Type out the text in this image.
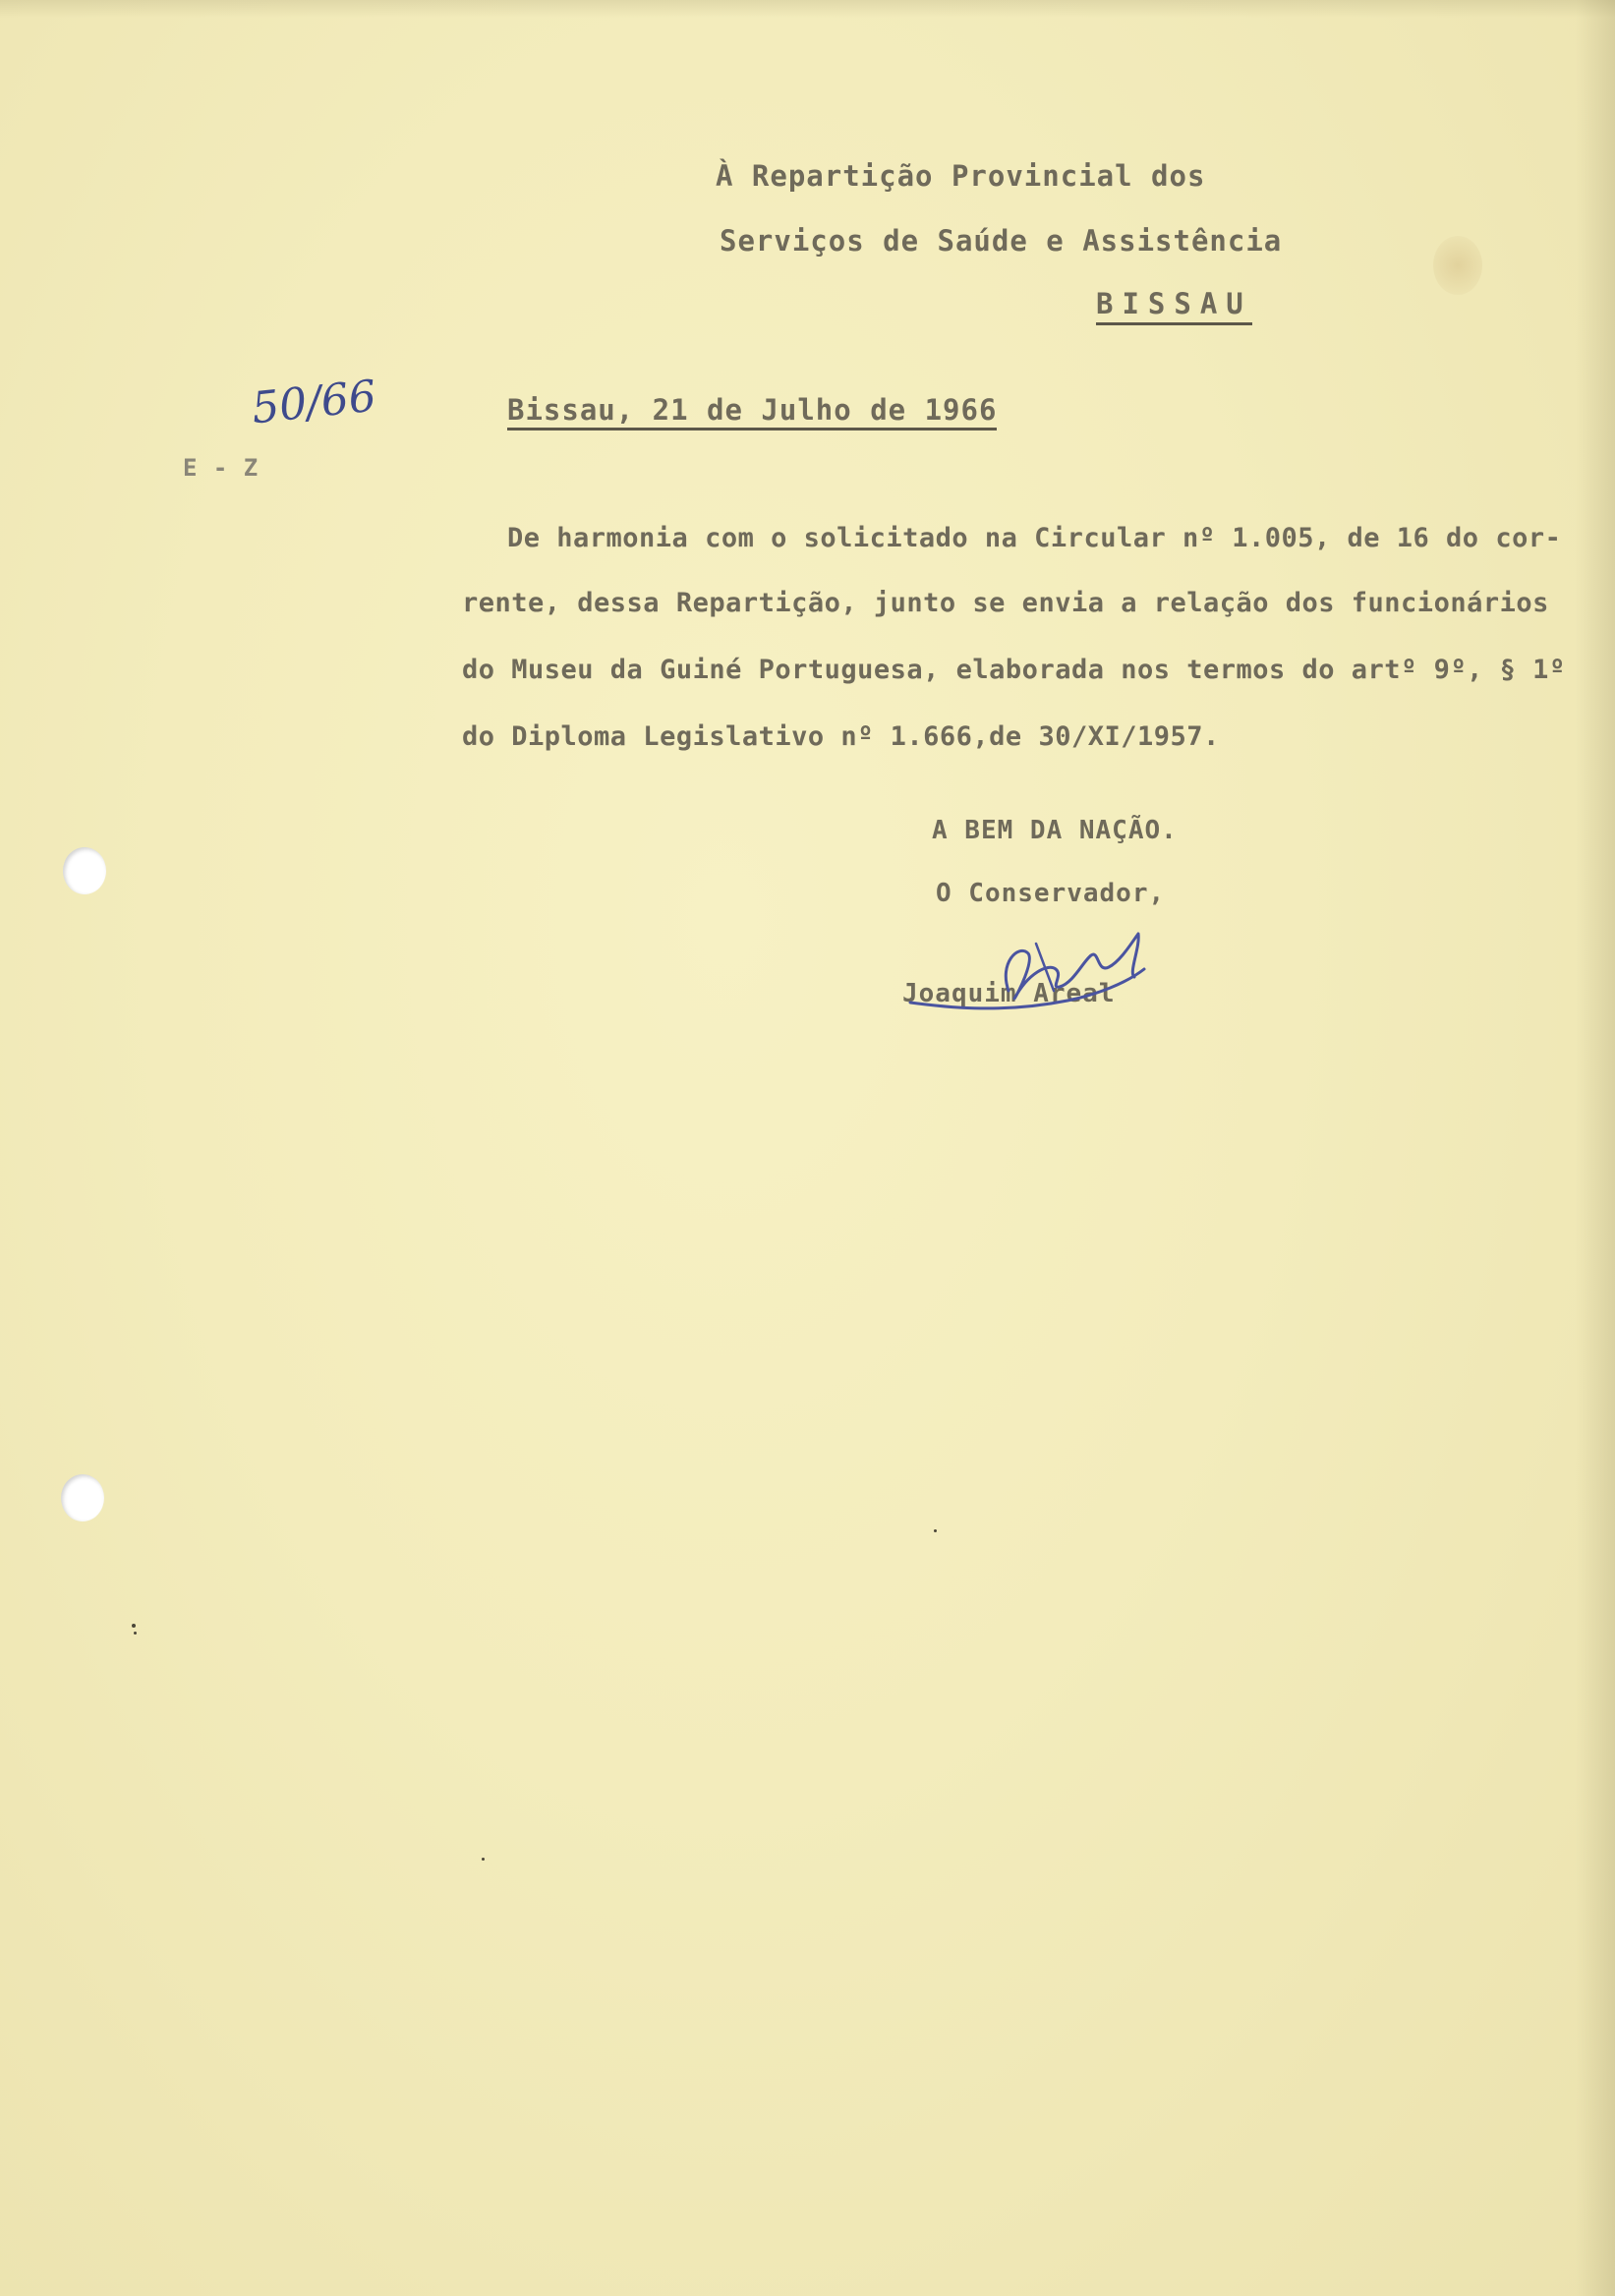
À Repartição Provincial dos
Serviços de Saúde e Assistência
BISSAU
50/66
E - Z
Bissau, 21 de Julho de 1966
De harmonia com o solicitado na Circular nº 1.005, de 16 do cor-
rente, dessa Repartição, junto se envia a relação dos funcionários
do Museu da Guiné Portuguesa, elaborada nos termos do artº 9º, § 1º
do Diploma Legislativo nº 1.666,de 30/XI/1957.
A BEM DA NAÇÃO.
O Conservador,
Joaquim Areal
